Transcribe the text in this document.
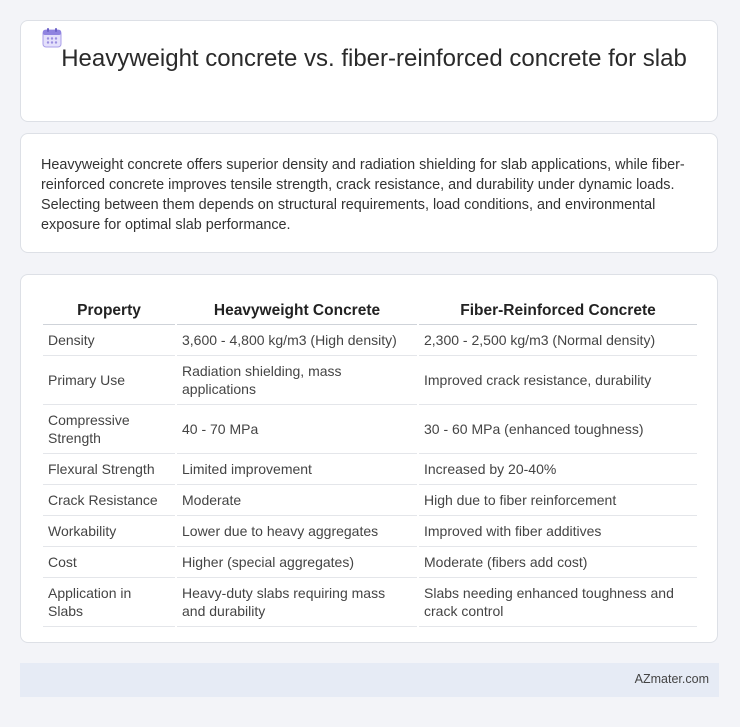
Heavyweight concrete vs. fiber-reinforced concrete for slab

Heavyweight concrete offers superior density and radiation shielding for slab applications, while fiber-reinforced concrete improves tensile strength, crack resistance, and durability under dynamic loads. Selecting between them depends on structural requirements, load conditions, and environmental exposure for optimal slab performance.

Property	Heavyweight Concrete	Fiber-Reinforced Concrete
Density	3,600 - 4,800 kg/m3 (High density)	2,300 - 2,500 kg/m3 (Normal density)
Primary Use	Radiation shielding, mass applications	Improved crack resistance, durability
Compressive Strength	40 - 70 MPa	30 - 60 MPa (enhanced toughness)
Flexural Strength	Limited improvement	Increased by 20-40%
Crack Resistance	Moderate	High due to fiber reinforcement
Workability	Lower due to heavy aggregates	Improved with fiber additives
Cost	Higher (special aggregates)	Moderate (fibers add cost)
Application in Slabs	Heavy-duty slabs requiring mass and durability	Slabs needing enhanced toughness and crack control
AZmater.com
